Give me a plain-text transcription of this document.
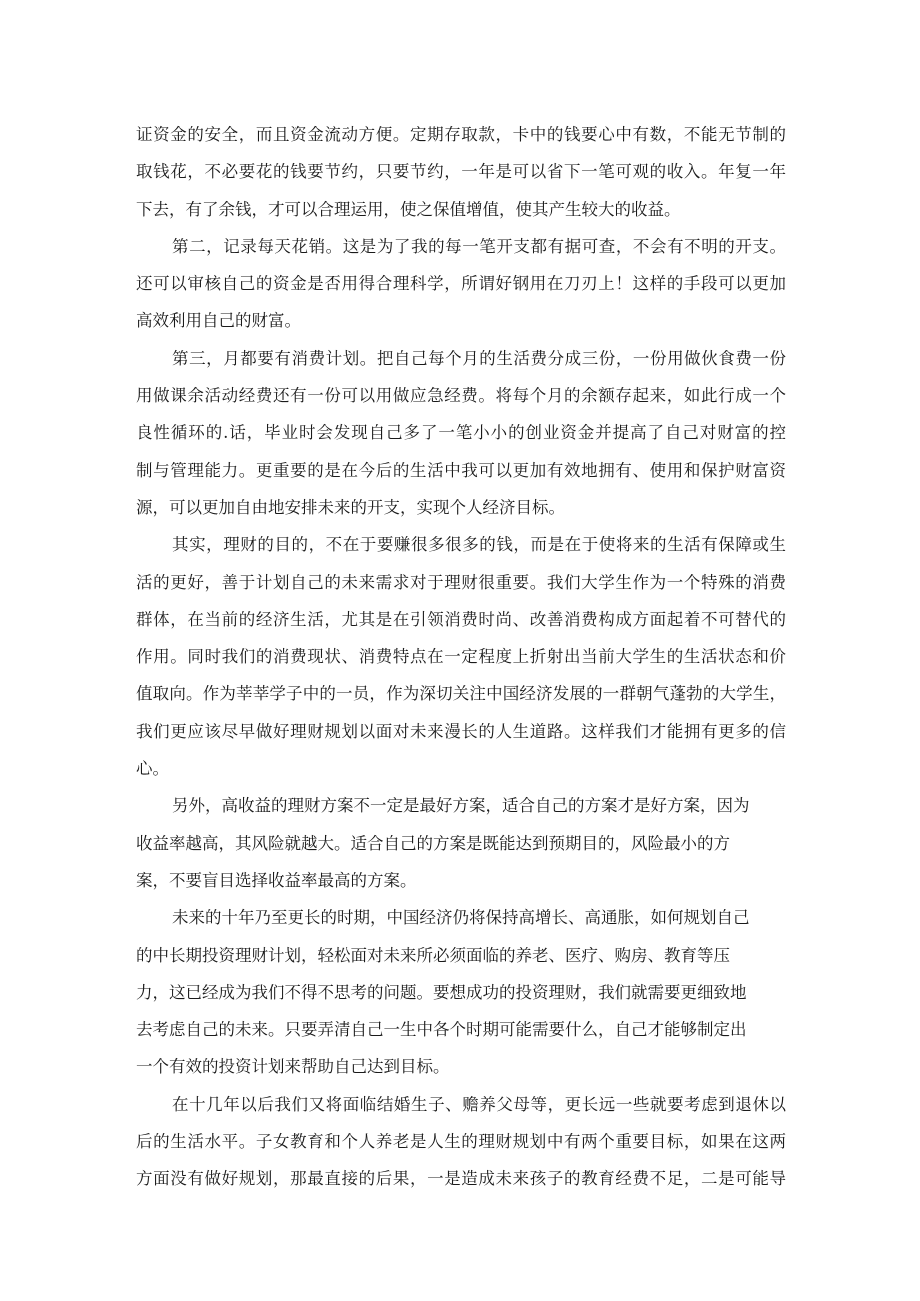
证资金的安全，而且资金流动方便。定期存取款，卡中的钱要心中有数，不能无节制的
取钱花，不必要花的钱要节约，只要节约，一年是可以省下一笔可观的收入。年复一年
下去，有了余钱，才可以合理运用，使之保值增值，使其产生较大的收益。
第二，记录每天花销。这是为了我的每一笔开支都有据可查，不会有不明的开支。
还可以审核自己的资金是否用得合理科学，所谓好钢用在刀刃上！这样的手段可以更加
高效利用自己的财富。
第三，月都要有消费计划。把自己每个月的生活费分成三份，一份用做伙食费一份
用做课余活动经费还有一份可以用做应急经费。将每个月的余额存起来，如此行成一个
良性循环的.话，毕业时会发现自己多了一笔小小的创业资金并提高了自己对财富的控
制与管理能力。更重要的是在今后的生活中我可以更加有效地拥有、使用和保护财富资
源，可以更加自由地安排未来的开支，实现个人经济目标。
其实，理财的目的，不在于要赚很多很多的钱，而是在于使将来的生活有保障或生
活的更好，善于计划自己的未来需求对于理财很重要。我们大学生作为一个特殊的消费
群体，在当前的经济生活，尤其是在引领消费时尚、改善消费构成方面起着不可替代的
作用。同时我们的消费现状、消费特点在一定程度上折射出当前大学生的生活状态和价
值取向。作为莘莘学子中的一员，作为深切关注中国经济发展的一群朝气蓬勃的大学生，
我们更应该尽早做好理财规划以面对未来漫长的人生道路。这样我们才能拥有更多的信
心。
另外，高收益的理财方案不一定是最好方案，适合自己的方案才是好方案，因为
收益率越高，其风险就越大。适合自己的方案是既能达到预期目的，风险最小的方
案，不要盲目选择收益率最高的方案。
未来的十年乃至更长的时期，中国经济仍将保持高增长、高通胀，如何规划自己
的中长期投资理财计划，轻松面对未来所必须面临的养老、医疗、购房、教育等压
力，这已经成为我们不得不思考的问题。要想成功的投资理财，我们就需要更细致地
去考虑自己的未来。只要弄清自己一生中各个时期可能需要什么，自己才能够制定出
一个有效的投资计划来帮助自己达到目标。
在十几年以后我们又将面临结婚生子、赡养父母等，更长远一些就要考虑到退休以
后的生活水平。子女教育和个人养老是人生的理财规划中有两个重要目标，如果在这两
方面没有做好规划，那最直接的后果，一是造成未来孩子的教育经费不足，二是可能导
